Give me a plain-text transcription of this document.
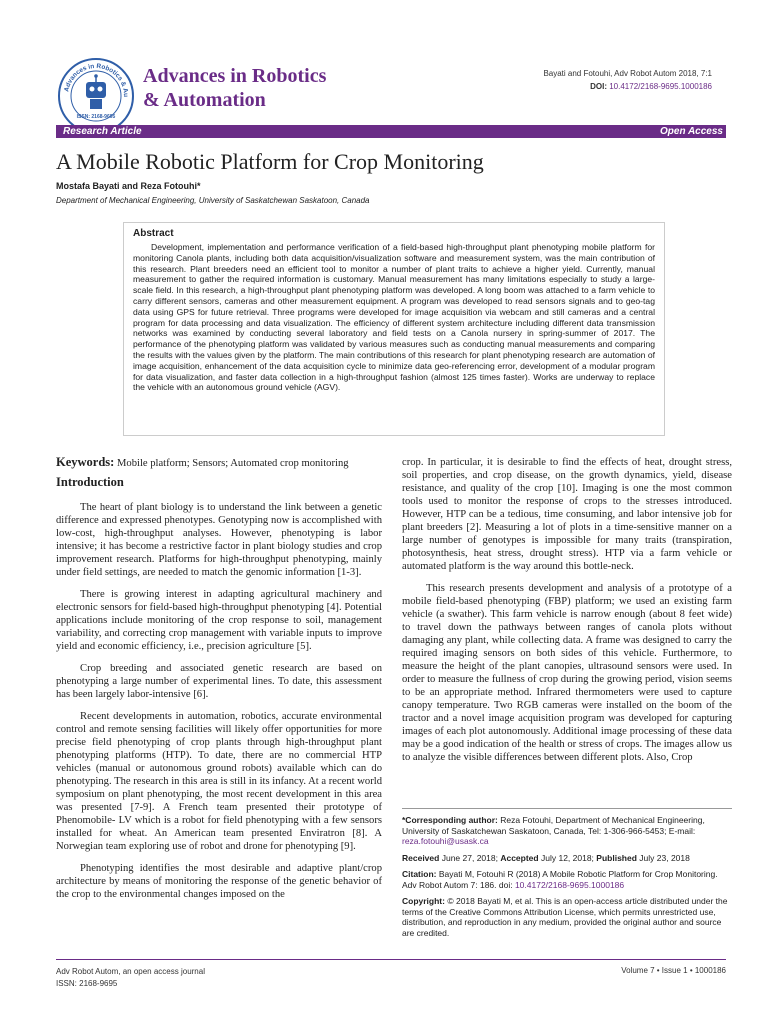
Advances in Robotics & Au
ISSN: 2168-9695
Advances in Robotics
& Automation
Bayati and Fotouhi, Adv Robot Autom 2018, 7:1
DOI: 10.4172/2168-9695.1000186
Research Article	Open Access
A Mobile Robotic Platform for Crop Monitoring
Mostafa Bayati and Reza Fotouhi*
Department of Mechanical Engineering, University of Saskatchewan Saskatoon, Canada
Abstract
Development, implementation and performance verification of a field-based high-throughput plant phenotyping mobile platform for monitoring Canola plants, including both data acquisition/visualization software and measurement system, was the main contribution of this research. Plant breeders need an efficient tool to monitor a number of plant traits to achieve a higher yield. Currently, manual measurement to gather the required information is customary. Manual measurement has many limitations especially to study a large-scale field. In this research, a high-throughput plant phenotyping platform was developed. A long boom was attached to a farm vehicle to carry different sensors, cameras and other measurement equipment. A program was developed to read sensors signals and to geo-tag data using GPS for future retrieval. Three programs were developed for image acquisition via webcam and still cameras and a central program for data processing and data visualization. The efficiency of different system architecture including different data transmission networks was examined by conducting several laboratory and field tests on a Canola nursery in spring-summer of 2017. The performance of the phenotyping platform was validated by various measures such as conducting manual measurements and comparing the results with the values given by the platform. The main contributions of this research for plant phenotyping research are automation of image acquisition, enhancement of the data acquisition cycle to minimize data geo-referencing error, development of a modular program for data visualization, and faster data collection in a high-throughput fashion (almost 125 times faster). Works are underway to replace the vehicle with an autonomous ground vehicle (AGV).
Keywords: Mobile platform; Sensors; Automated crop monitoring
Introduction

The heart of plant biology is to understand the link between a genetic difference and expressed phenotypes. Genotyping now is accomplished with low-cost, high-throughput analyses. However, phenotyping is labor intensive; it has become a restrictive factor in plant biology studies and crop improvement research. Platforms for high-throughput phenotyping, mainly under field settings, are needed to match the genomic information [1-3].

There is growing interest in adapting agricultural machinery and electronic sensors for field-based high-throughput phenotyping [4]. Potential applications include monitoring of the crop response to soil, management variability, and correcting crop management with variable inputs to improve yield and economic efficiency, i.e., precision agriculture [5].

Crop breeding and associated genetic research are based on phenotyping a large number of experimental lines. To date, this assessment has been largely labor-intensive [6].

Recent developments in automation, robotics, accurate environmental control and remote sensing facilities will likely offer opportunities for more precise field phenotyping of crop plants through high-throughput plant phenotyping platforms (HTP). To date, there are no commercial HTP vehicles (manual or autonomous ground robots) available which can do phenotyping. The research in this area is still in its infancy. At a recent world symposium on plant phenotyping, the most recent development in this area was presented [7-9]. A French team presented their prototype of Phenomobile- LV which is a robot for field phenotyping with a few sensors installed for wheat. An American team presented Enviratron [8]. A Norwegian team exploring use of robot and drone for phenotyping [9].

Phenotyping identifies the most desirable and adaptive plant/crop architecture by means of monitoring the response of the genetic behavior of the crop to the environmental changes imposed on the

crop. In particular, it is desirable to find the effects of heat, drought stress, soil properties, and crop disease, on the growth dynamics, yield, disease resistance, and quality of the crop [10]. Imaging is one the most common tools used to monitor the response of crops to the stresses introduced. However, HTP can be a tedious, time consuming, and labor intensive job for plant breeders [2]. Measuring a lot of plots in a time-sensitive manner on a large number of genotypes is impossible for many traits (transpiration, photosynthesis, heat stress, drought stress). HTP via a farm vehicle or automated platform is the way around this bottle-neck.

This research presents development and analysis of a prototype of a mobile field-based phenotyping (FBP) platform; we used an existing farm vehicle (a swather). This farm vehicle is narrow enough (about 8 feet wide) to travel down the pathways between ranges of canola plots without damaging any plant, while collecting data. A frame was designed to carry the required imaging sensors on both sides of this vehicle. Furthermore, to measure the height of the plant canopies, ultrasound sensors were used. In order to measure the fullness of crop during the growing period, vision seems to be an appropriate method. Infrared thermometers were used to capture canopy temperature. Two RGB cameras were installed on the boom of the tractor and a novel image acquisition program was developed for capturing images of each plot autonomously. Additional image processing of these data may be a good indication of the health or stress of crops. The images allow us to analyze the visible differences between different plots. Also, Crop

*Corresponding author: Reza Fotouhi, Department of Mechanical Engineering, University of Saskatchewan Saskatoon, Canada, Tel: 1-306-966-5453; E-mail: reza.fotouhi@usask.ca

Received June 27, 2018; Accepted July 12, 2018; Published July 23, 2018

Citation: Bayati M, Fotouhi R (2018) A Mobile Robotic Platform for Crop Monitoring. Adv Robot Autom 7: 186. doi: 10.4172/2168-9695.1000186

Copyright: © 2018 Bayati M, et al. This is an open-access article distributed under the terms of the Creative Commons Attribution License, which permits unrestricted use, distribution, and reproduction in any medium, provided the original author and source are credited.

Adv Robot Autom, an open access journal
ISSN: 2168-9695
Volume 7 • Issue 1 • 1000186
